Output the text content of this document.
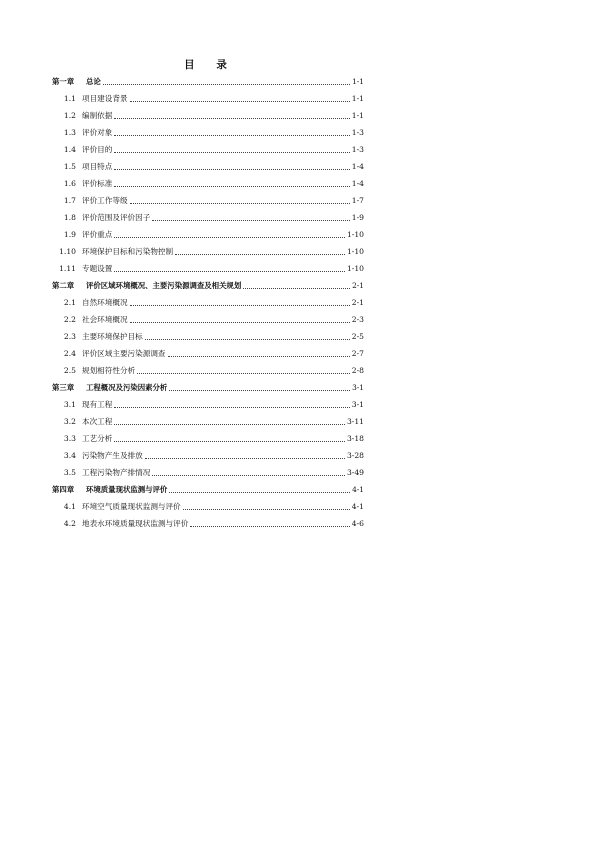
目 录
第一章	总论	1-1
1.1 项目建设背景	1-1
1.2 编制依据	1-1
1.3 评价对象	1-3
1.4 评价目的	1-3
1.5 项目特点	1-4
1.6 评价标准	1-4
1.7 评价工作等级	1-7
1.8 评价范围及评价因子	1-9
1.9 评价重点	1-10
1.10 环境保护目标和污染物控制	1-10
1.11 专题设置	1-10
第二章	评价区域环境概况、主要污染源调查及相关规划	2-1
2.1 自然环境概况	2-1
2.2 社会环境概况	2-3
2.3 主要环境保护目标	2-5
2.4 评价区域主要污染源调查	2-7
2.5 规划相符性分析	2-8
第三章	工程概况及污染因素分析	3-1
3.1 现有工程	3-1
3.2 本次工程	3-11
3.3 工艺分析	3-18
3.4 污染物产生及排放	3-28
3.5 工程污染物产排情况	3-49
第四章	环境质量现状监测与评价	4-1
4.1 环境空气质量现状监测与评价	4-1
4.2 地表水环境质量现状监测与评价	4-6
